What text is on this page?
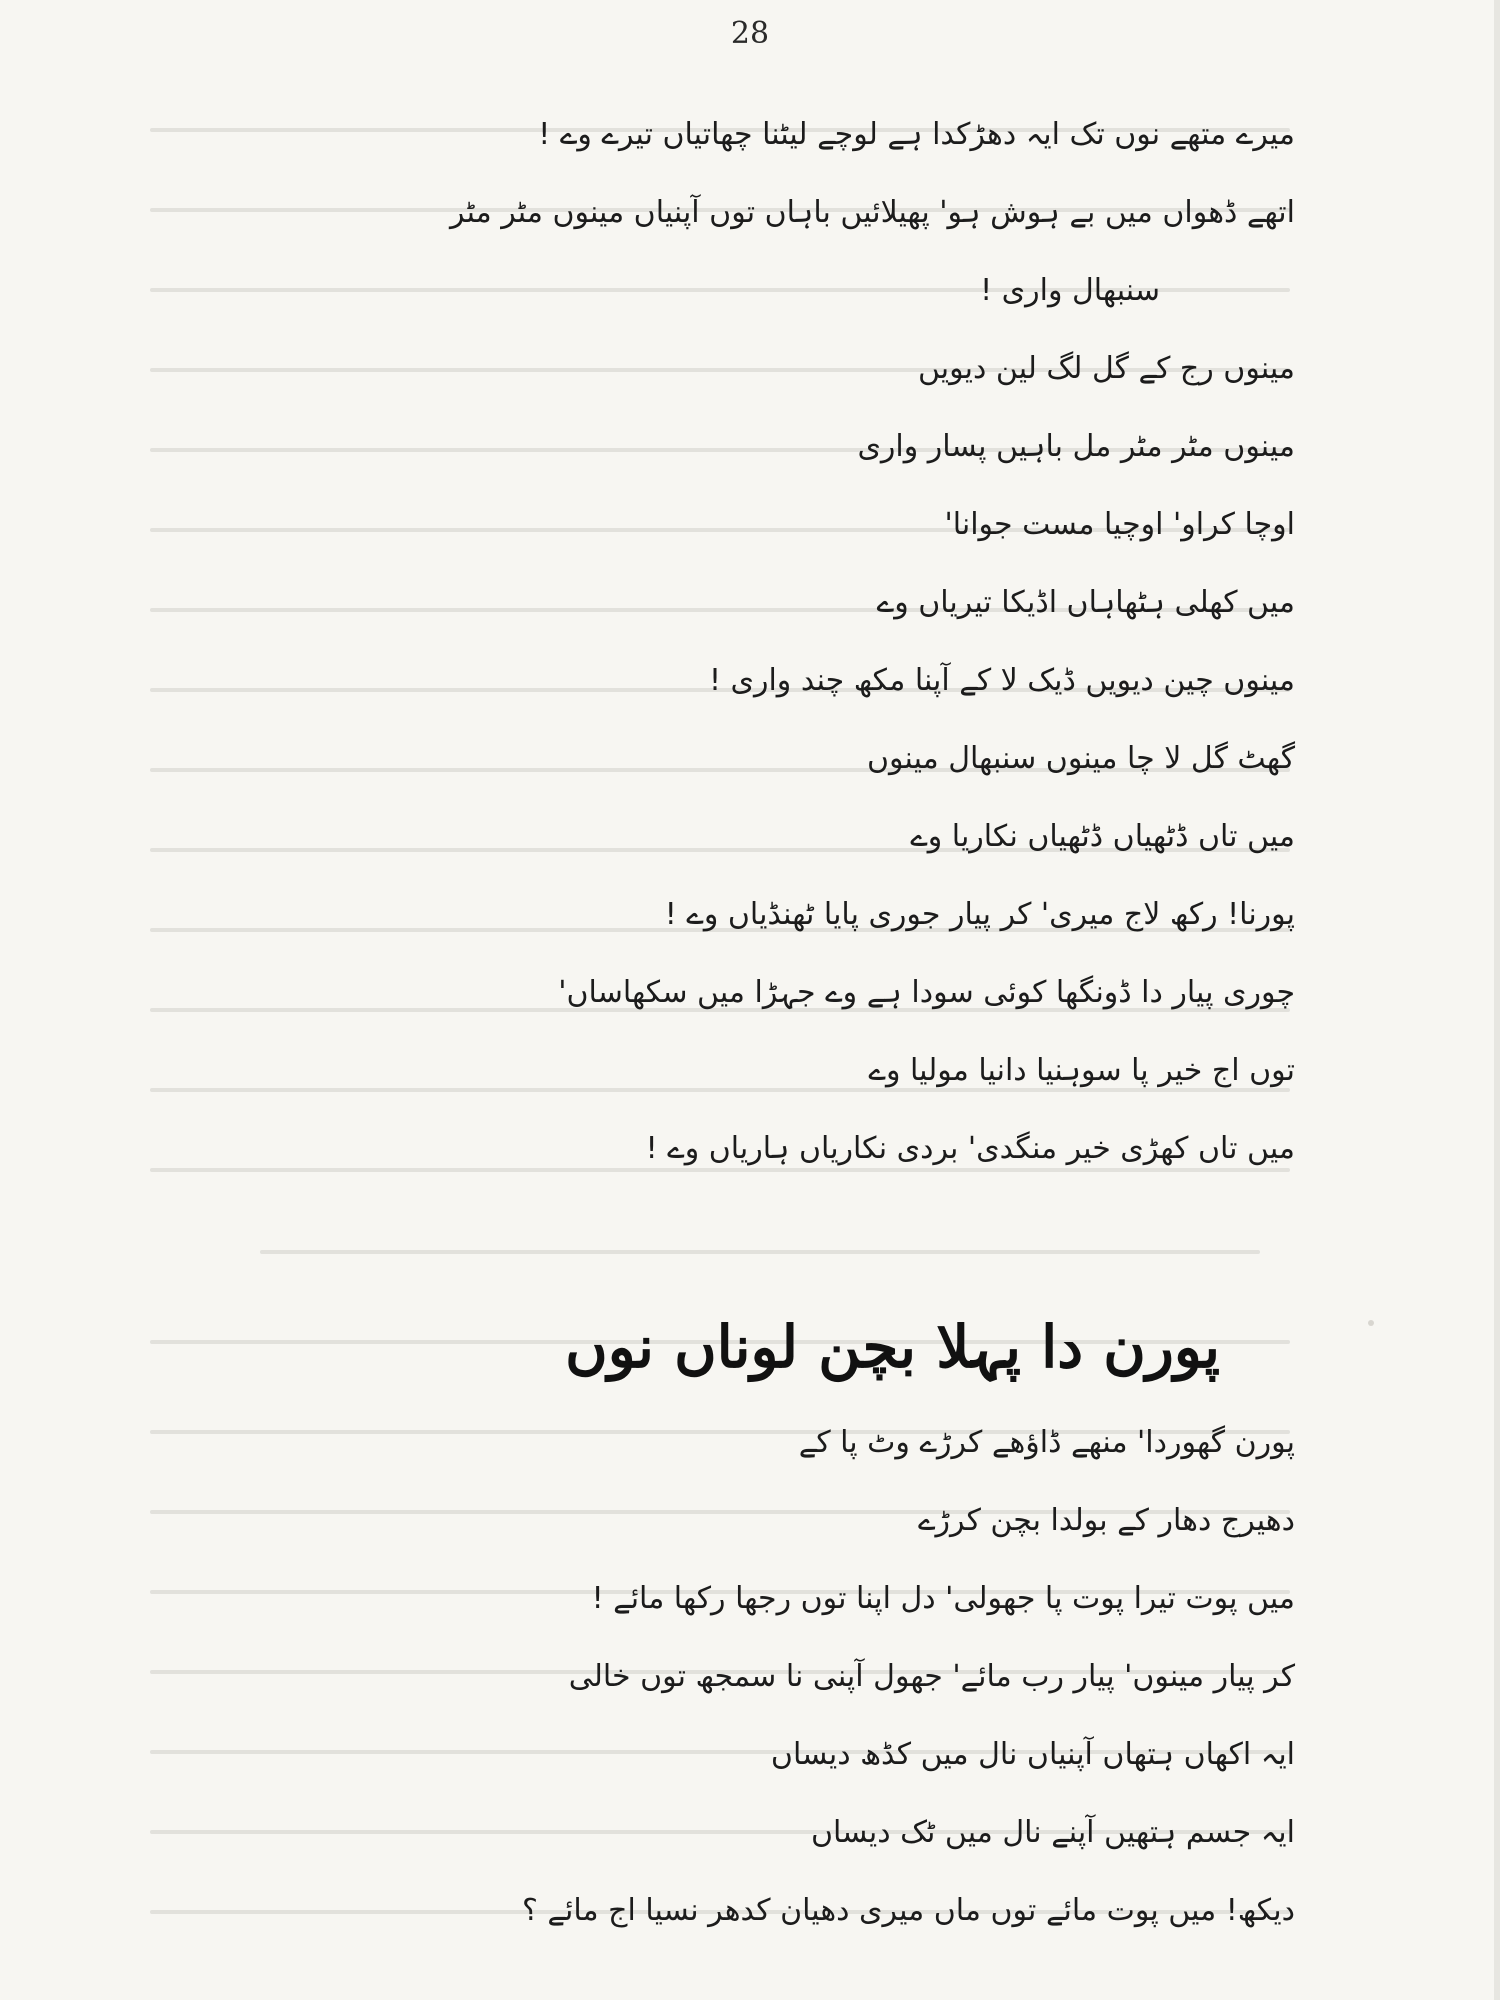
28
میرے متھے نوں تک ایہ دھڑکدا ہے لوچے لیٹنا چھاتیاں تیرے وے !
اتھے ڈھواں میں بے ہوش ہو' پھیلائیں باہاں توں آپنیاں مینوں مٹر مٹر
سنبھال واری !
مینوں رج کے گل لگ لین دیویں
مینوں مٹر مٹر مل باہیں پسار واری
اوچا کراو' اوچیا مست جوانا'
میں کھلی ہٹھاہاں اڈیکا تیریاں وے
مینوں چین دیویں ڈیک لا کے آپنا مکھ چند واری !
گھٹ گل لا چا مینوں سنبھال مینوں
میں تاں ڈٹھیاں ڈٹھیاں نکاریا وے
پورنا! رکھ لاج میری' کر پیار جوری پایا ٹھنڈیاں وے !
چوری پیار دا ڈونگھا کوئی سودا ہے وے جہڑا میں سکھاساں'
توں اج خیر پا سوہنیا دانیا مولیا وے
میں تاں کھڑی خیر منگدی' بردی نکاریاں ہاریاں وے !
پورن دا پہلا بچن لوناں نوں
پورن گھوردا' منھے ڈاؤھے کرڑے وٹ پا کے
دھیرج دھار کے بولدا بچن کرڑے
میں پوت تیرا پوت پا جھولی' دل اپنا توں رجھا رکھا مائے !
کر پیار مینوں' پیار رب مائے' جھول آپنی نا سمجھ توں خالی
ایہ اکھاں ہتھاں آپنیاں نال میں کڈھ دیساں
ایہ جسم ہتھیں آپنے نال میں ٹک دیساں
دیکھ! میں پوت مائے توں ماں میری دھیان کدھر نسیا اج مائے ؟
